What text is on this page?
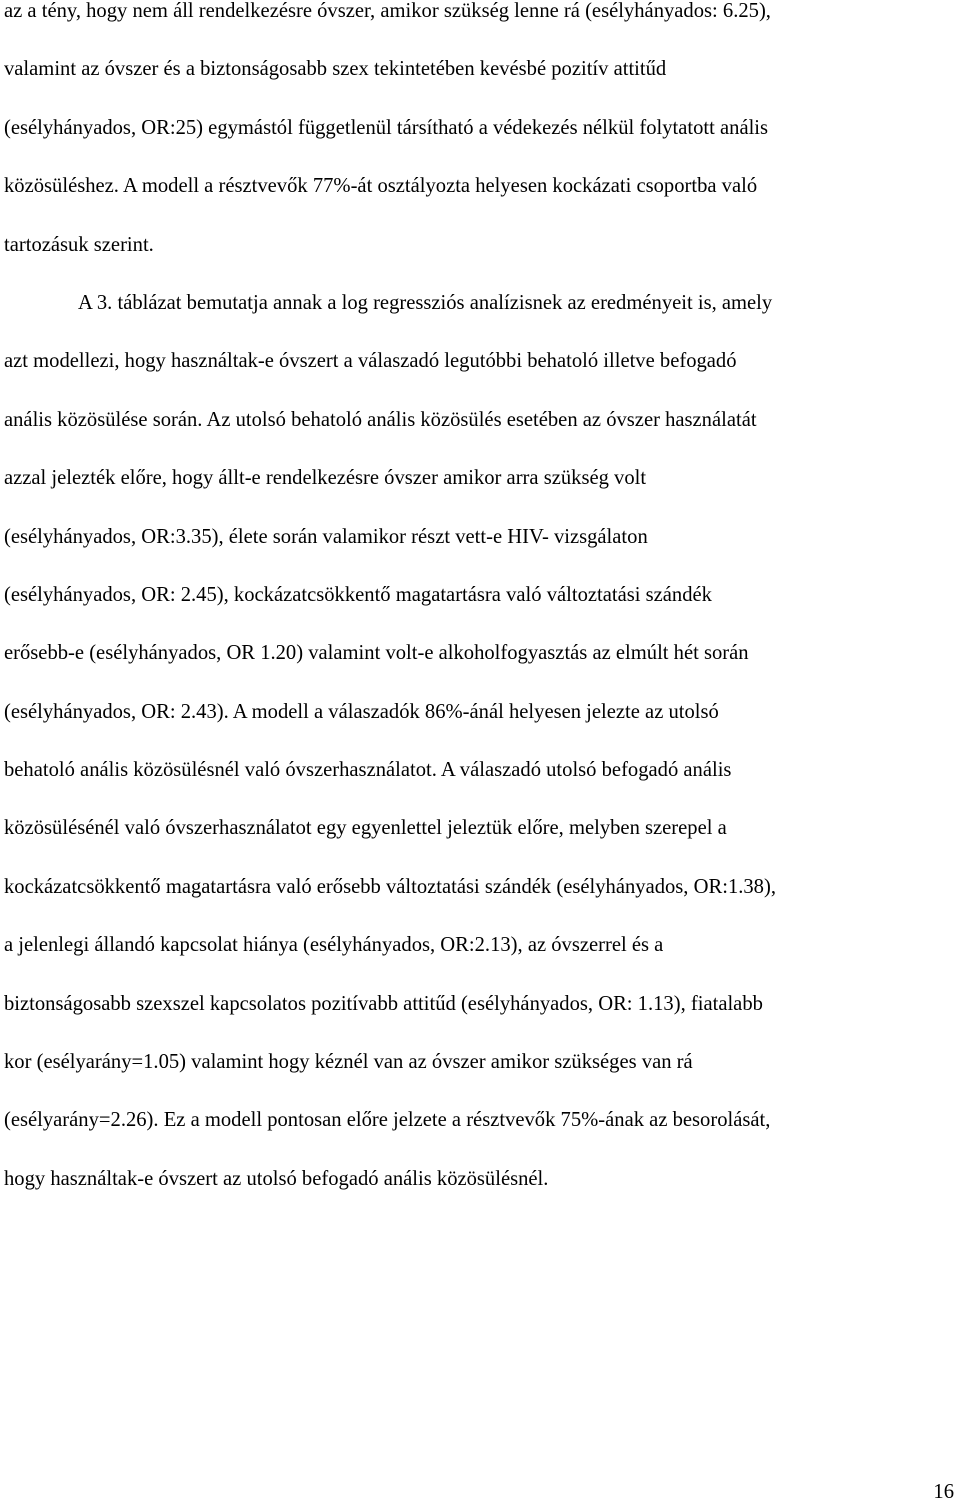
az a tény, hogy nem áll rendelkezésre óvszer, amikor szükség lenne rá (esélyhányados: 6.25),
valamint az óvszer és a biztonságosabb szex tekintetében kevésbé pozitív attitűd
(esélyhányados, OR:25) egymástól függetlenül társítható a védekezés nélkül folytatott anális
közösüléshez. A modell a résztvevők 77%-át osztályozta helyesen kockázati csoportba való
tartozásuk szerint.
A 3. táblázat bemutatja annak a log regressziós analízisnek az eredményeit is, amely
azt modellezi, hogy használtak-e óvszert a válaszadó legutóbbi behatoló illetve befogadó
anális közösülése során. Az utolsó behatoló anális közösülés esetében az óvszer használatát
azzal jelezték előre, hogy állt-e rendelkezésre óvszer amikor arra szükség volt
(esélyhányados, OR:3.35), élete során valamikor részt vett-e HIV- vizsgálaton
(esélyhányados, OR: 2.45), kockázatcsökkentő magatartásra való változtatási szándék
erősebb-e (esélyhányados, OR 1.20) valamint volt-e alkoholfogyasztás az elmúlt hét során
(esélyhányados, OR: 2.43). A modell a válaszadók 86%-ánál helyesen jelezte az utolsó
behatoló anális közösülésnél való óvszerhasználatot. A válaszadó utolsó befogadó anális
közösülésénél való óvszerhasználatot egy egyenlettel jeleztük előre, melyben szerepel a
kockázatcsökkentő magatartásra való erősebb változtatási szándék (esélyhányados, OR:1.38),
a jelenlegi állandó kapcsolat hiánya (esélyhányados, OR:2.13), az óvszerrel és a
biztonságosabb szexszel kapcsolatos pozitívabb attitűd (esélyhányados, OR: 1.13), fiatalabb
kor (esélyarány=1.05) valamint hogy kéznél van az óvszer amikor szükséges van rá
(esélyarány=2.26). Ez a modell pontosan előre jelzete a résztvevők 75%-ának az besorolását,
hogy használtak-e óvszert az utolsó befogadó anális közösülésnél.
16
